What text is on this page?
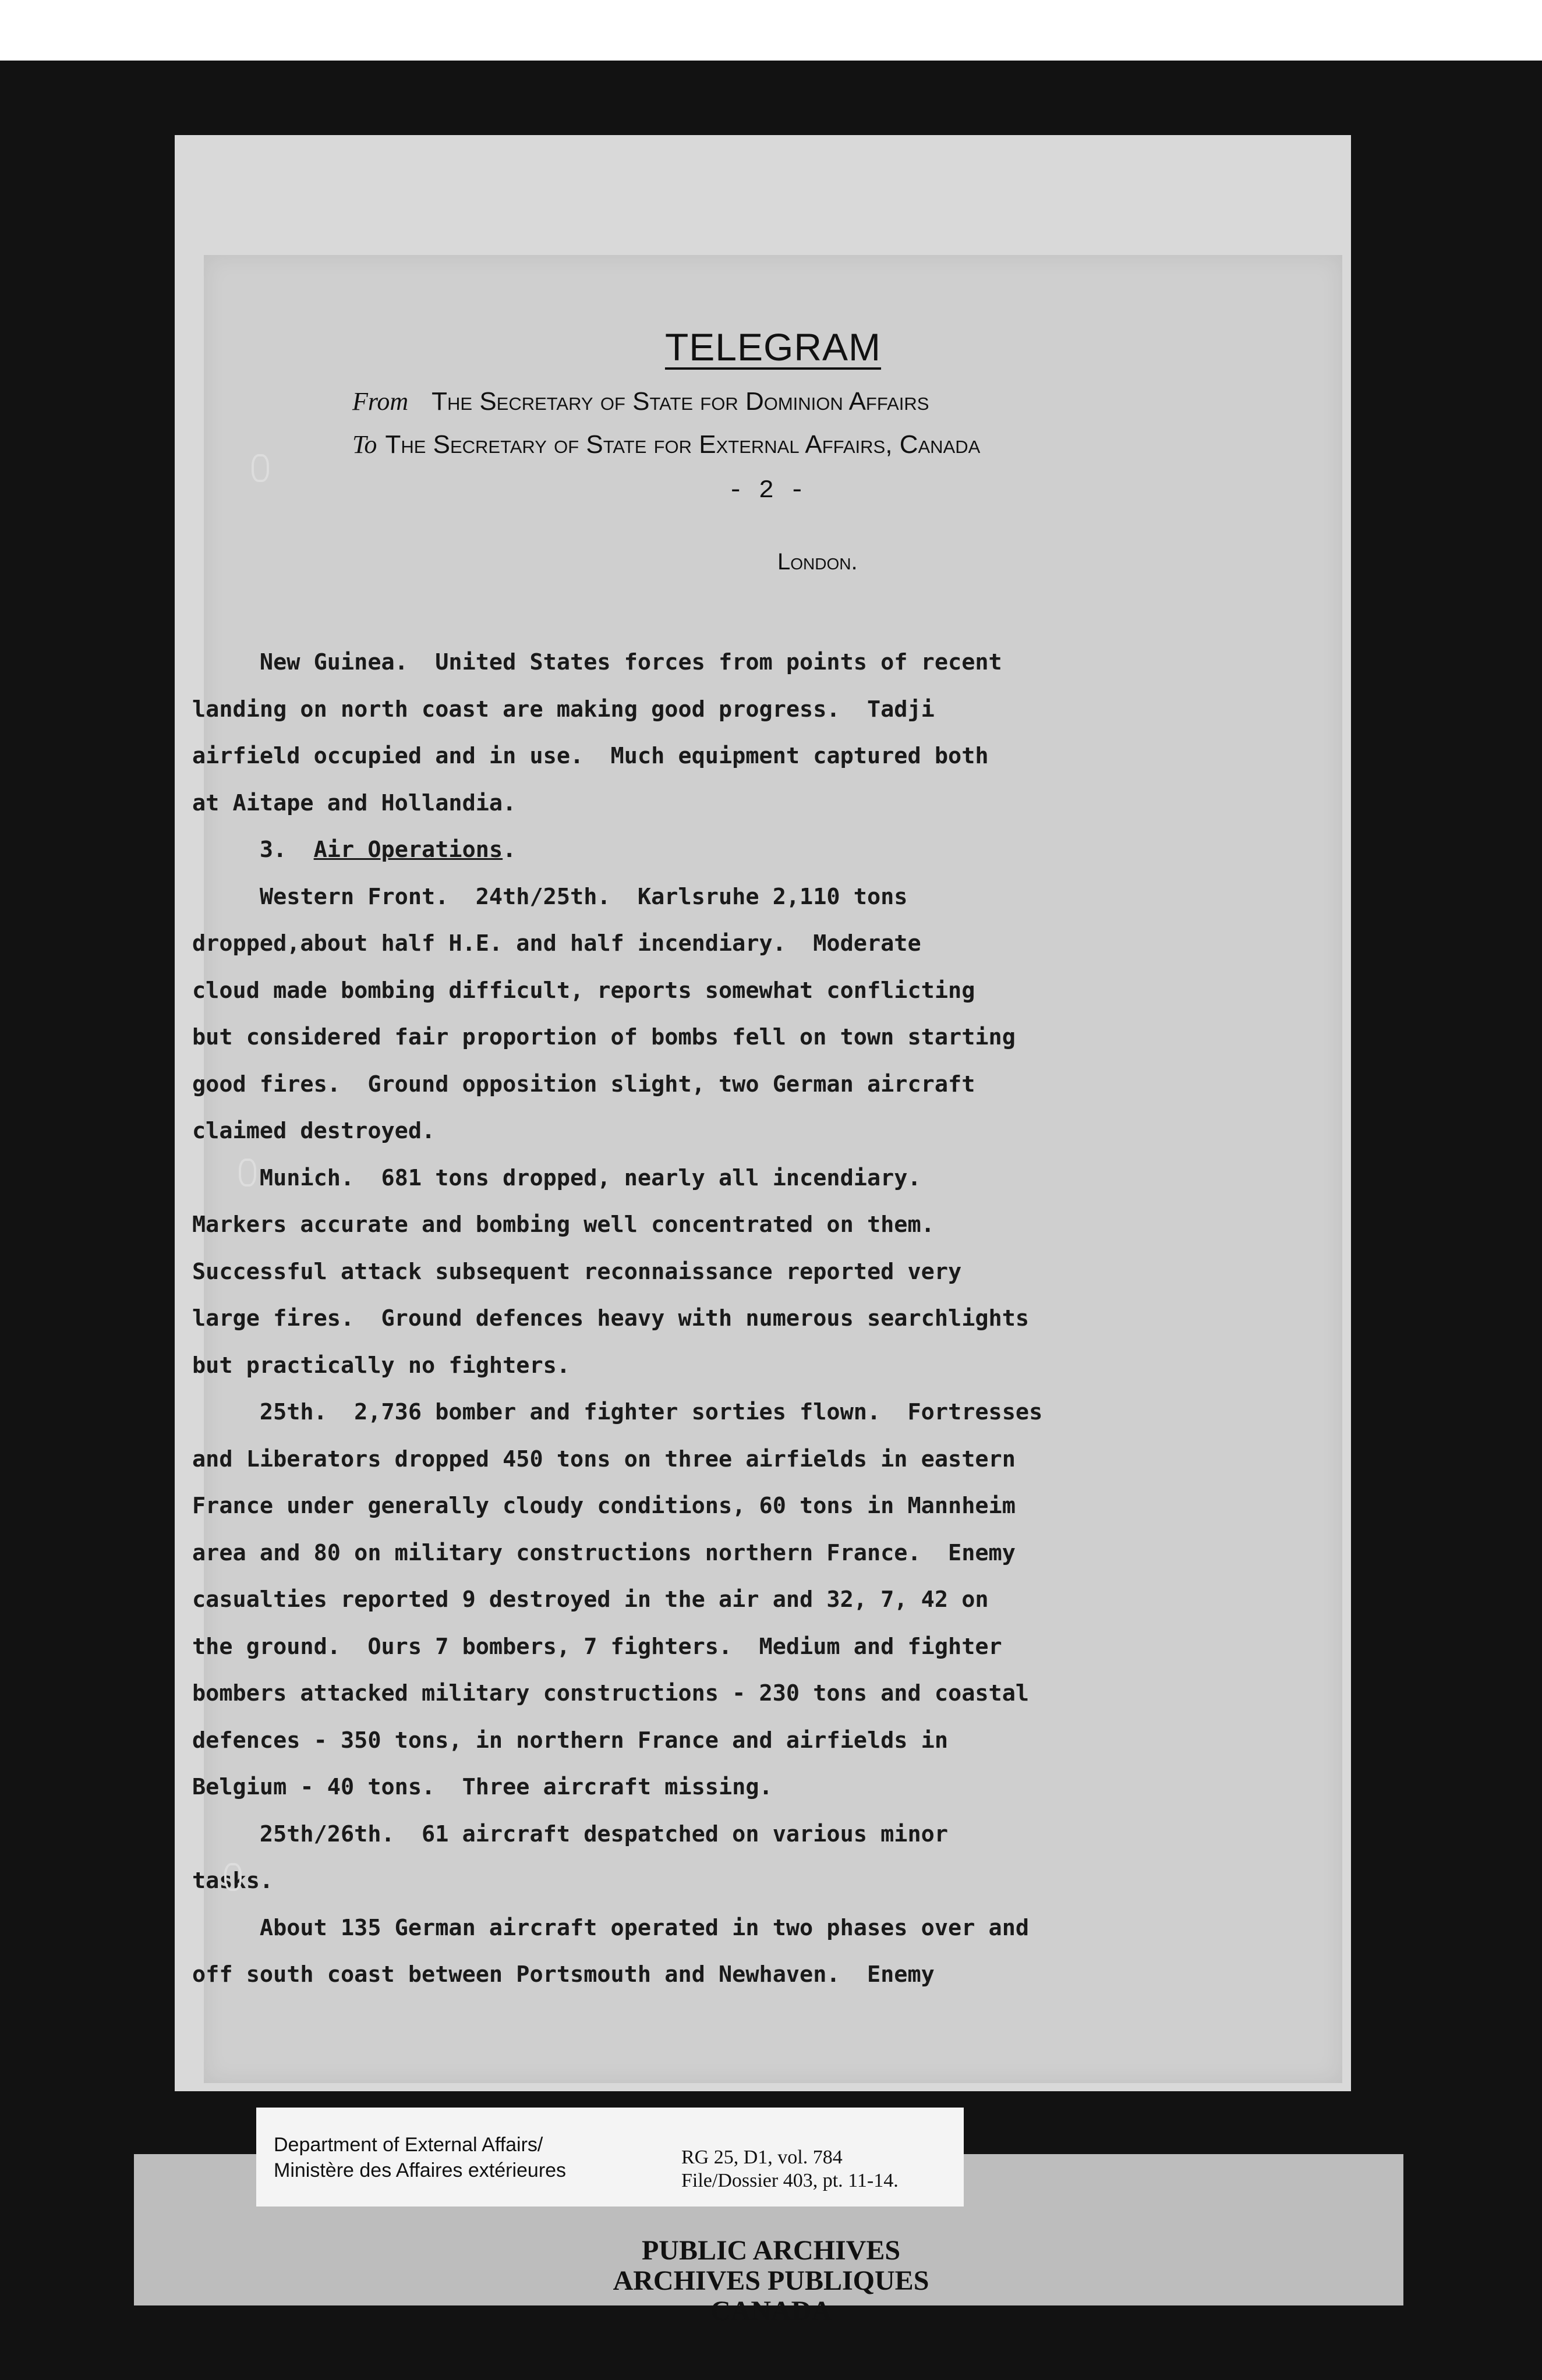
TELEGRAM
From The Secretary of State for Dominion Affairs
To The Secretary of State for External Affairs, Canada
- 2 -
London.
New Guinea.  United States forces from points of recent
landing on north coast are making good progress.  Tadji
airfield occupied and in use.  Much equipment captured both
at Aitape and Hollandia.
3.  Air Operations.
Western Front.  24th/25th.  Karlsruhe 2,110 tons
dropped,about half H.E. and half incendiary.  Moderate
cloud made bombing difficult, reports somewhat conflicting
but considered fair proportion of bombs fell on town starting
good fires.  Ground opposition slight, two German aircraft
claimed destroyed.
Munich.  681 tons dropped, nearly all incendiary.
Markers accurate and bombing well concentrated on them.
Successful attack subsequent reconnaissance reported very
large fires.  Ground defences heavy with numerous searchlights
but practically no fighters.
25th.  2,736 bomber and fighter sorties flown.  Fortresses
and Liberators dropped 450 tons on three airfields in eastern
France under generally cloudy conditions, 60 tons in Mannheim
area and 80 on military constructions northern France.  Enemy
casualties reported 9 destroyed in the air and 32, 7, 42 on
the ground.  Ours 7 bombers, 7 fighters.  Medium and fighter
bombers attacked military constructions - 230 tons and coastal
defences - 350 tons, in northern France and airfields in
Belgium - 40 tons.  Three aircraft missing.
25th/26th.  61 aircraft despatched on various minor
tasks.
About 135 German aircraft operated in two phases over and
off south coast between Portsmouth and Newhaven.  Enemy
Department of External Affairs/
Ministère des Affaires extérieures
RG 25, D1, vol. 784
File/Dossier 403, pt. 11-14.
PUBLIC ARCHIVES
ARCHIVES PUBLIQUES
CANADA
